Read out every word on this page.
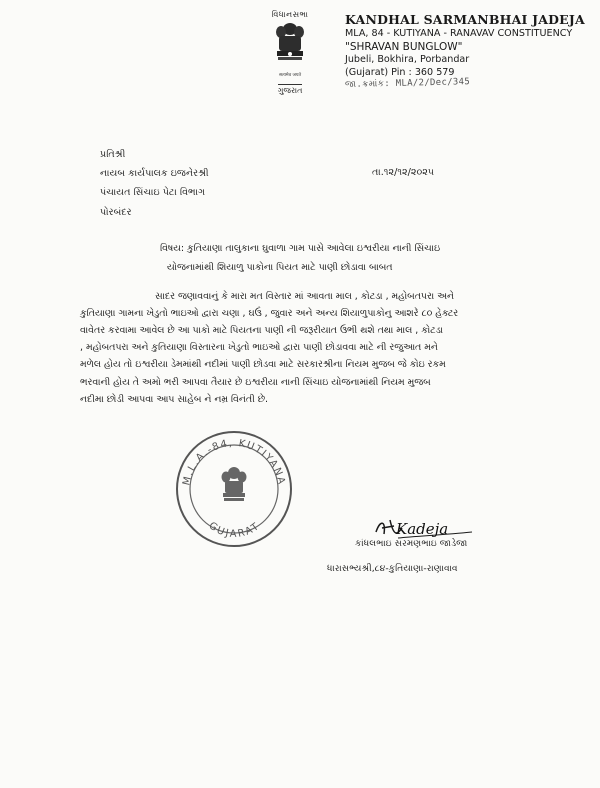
વિધાનસભા
सत्यमेव जयते
ગુજરાત
KANDHAL SARMANBHAI JADEJA
MLA, 84 - KUTIYANA - RANAVAV CONSTITUENCY
"SHRAVAN BUNGLOW"
Jubeli, Bokhira, Porbandar
(Gujarat) Pin : 360 579
જા.ક્રમાંક: MLA/2/Dec/345
પ્રતિશ્રી
નાયબ કાર્યપાલક ઇજનેરશ્રી
પંચાયત સિંચાઇ પેટા વિભાગ
પોરબંદર
તા.૧૨/૧૨/૨૦૨૫
વિષય: કુતિયાણા તાલુકાના ઘુવાળા ગામ પાસે આવેલા ઇશ્વરીયા નાની સિંચાઇ
યોજનામાંથી શિયાળુ પાકોના પિયત માટે પાણી છોડાવા બાબત
સાદર જણાવવાનું કે મારા મત વિસ્તાર માં આવતા માલ , કોટડા , મહોબતપરા અને
કુતિયાણા ગામના ખેડુતો ભાઇઓ દ્વારા ચણા , ઘઉં , જુવાર અને અન્ય શિયાળુપાકોનુ આશરે ૮૦ હેક્ટર
વાવેતર કરવામા આવેલ છે આ પાકો માટે પિયતના પાણી ની જરૂરીયાત ઉભી થશે તથા માલ , કોટડા
, મહોબતપરા અને કુતિયાણા વિસ્તારના ખેડુતો ભાઇઓ દ્વારા પાણી છોડાવવા માટે ની રજુઆત મને
મળેલ હોય તો ઇશ્વરીયા ડેમમાંથી નદીમાં પાણી છોડવા માટે સરકારશ્રીના નિયમ મુજબ જે કોઇ રકમ
ભરવાની હોય તે અમો ભરી આપવા તૈયાર છે ઇશ્વરીયા નાની સિંચાઇ યોજનામાંથી નિયમ મુજબ
નદીમા છોડી આપવા આપ સાહેબ ને નમ્ર વિનંતી છે.
M.L.A.-84, KUTIYANA
GUJARAT	Kadeja
કાંધલભાઇ સરમણભાઇ જાડેજા
ધારાસભ્યશ્રી,૮૪-કુતિયાણા-રાણાવાવ
